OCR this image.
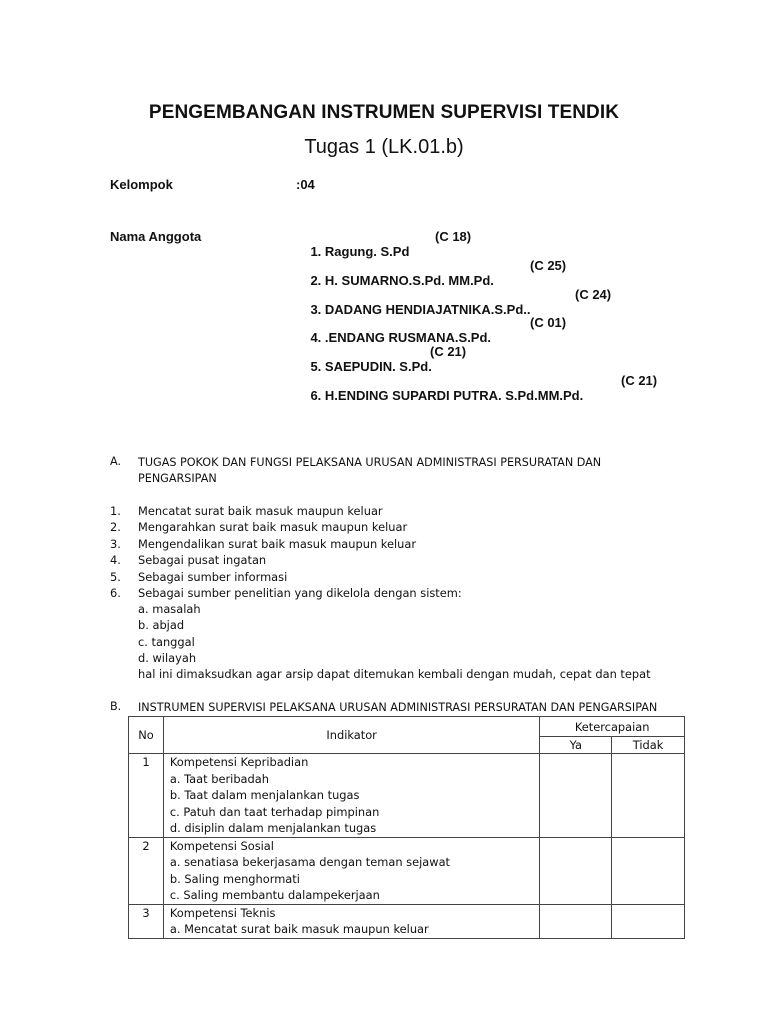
PENGEMBANGAN INSTRUMEN SUPERVISI TENDIK
Tugas 1 (LK.01.b)
Kelompok	:04
Nama Anggota

1. Ragung. S.Pd

(C 18)

2. H. SUMARNO.S.Pd. MM.Pd.

(C 25)

3. DADANG HENDIAJATNIKA.S.Pd..

(C 24)

4. .ENDANG RUSMANA.S.Pd.

(C 01)

5. SAEPUDIN. S.Pd.

(C 21)

6. H.ENDING SUPARDI PUTRA. S.Pd.MM.Pd.

(C 21)

A. TUGAS POKOK DAN FUNGSI PELAKSANA URUSAN ADMINISTRASI PERSURATAN DAN
PENGARSIPAN
1. Mencatat surat baik masuk maupun keluar
2. Mengarahkan surat baik masuk maupun keluar
3. Mengendalikan surat baik masuk maupun keluar
4. Sebagai pusat ingatan
5. Sebagai sumber informasi
6. Sebagai sumber penelitian yang dikelola dengan sistem:
a. masalah
b. abjad
c. tanggal
d. wilayah
hal ini dimaksudkan agar arsip dapat ditemukan kembali dengan mudah, cepat dan tepat
B. INSTRUMEN SUPERVISI PELAKSANA URUSAN ADMINISTRASI PERSURATAN DAN PENGARSIPAN
No	Indikator	Ketercapaian	
		Ya	Tidak
1	Kompetensi Kepribadian
a. Taat beribadah
b. Taat dalam menjalankan tugas
c. Patuh dan taat terhadap pimpinan
d. disiplin dalam menjalankan tugas		

2	Kompetensi Sosial
a. senatiasa bekerjasama dengan teman sejawat
b. Saling menghormati
c. Saling membantu dalampekerjaan		

3	Kompetensi Teknis
a. Mencatat surat baik masuk maupun keluar		
